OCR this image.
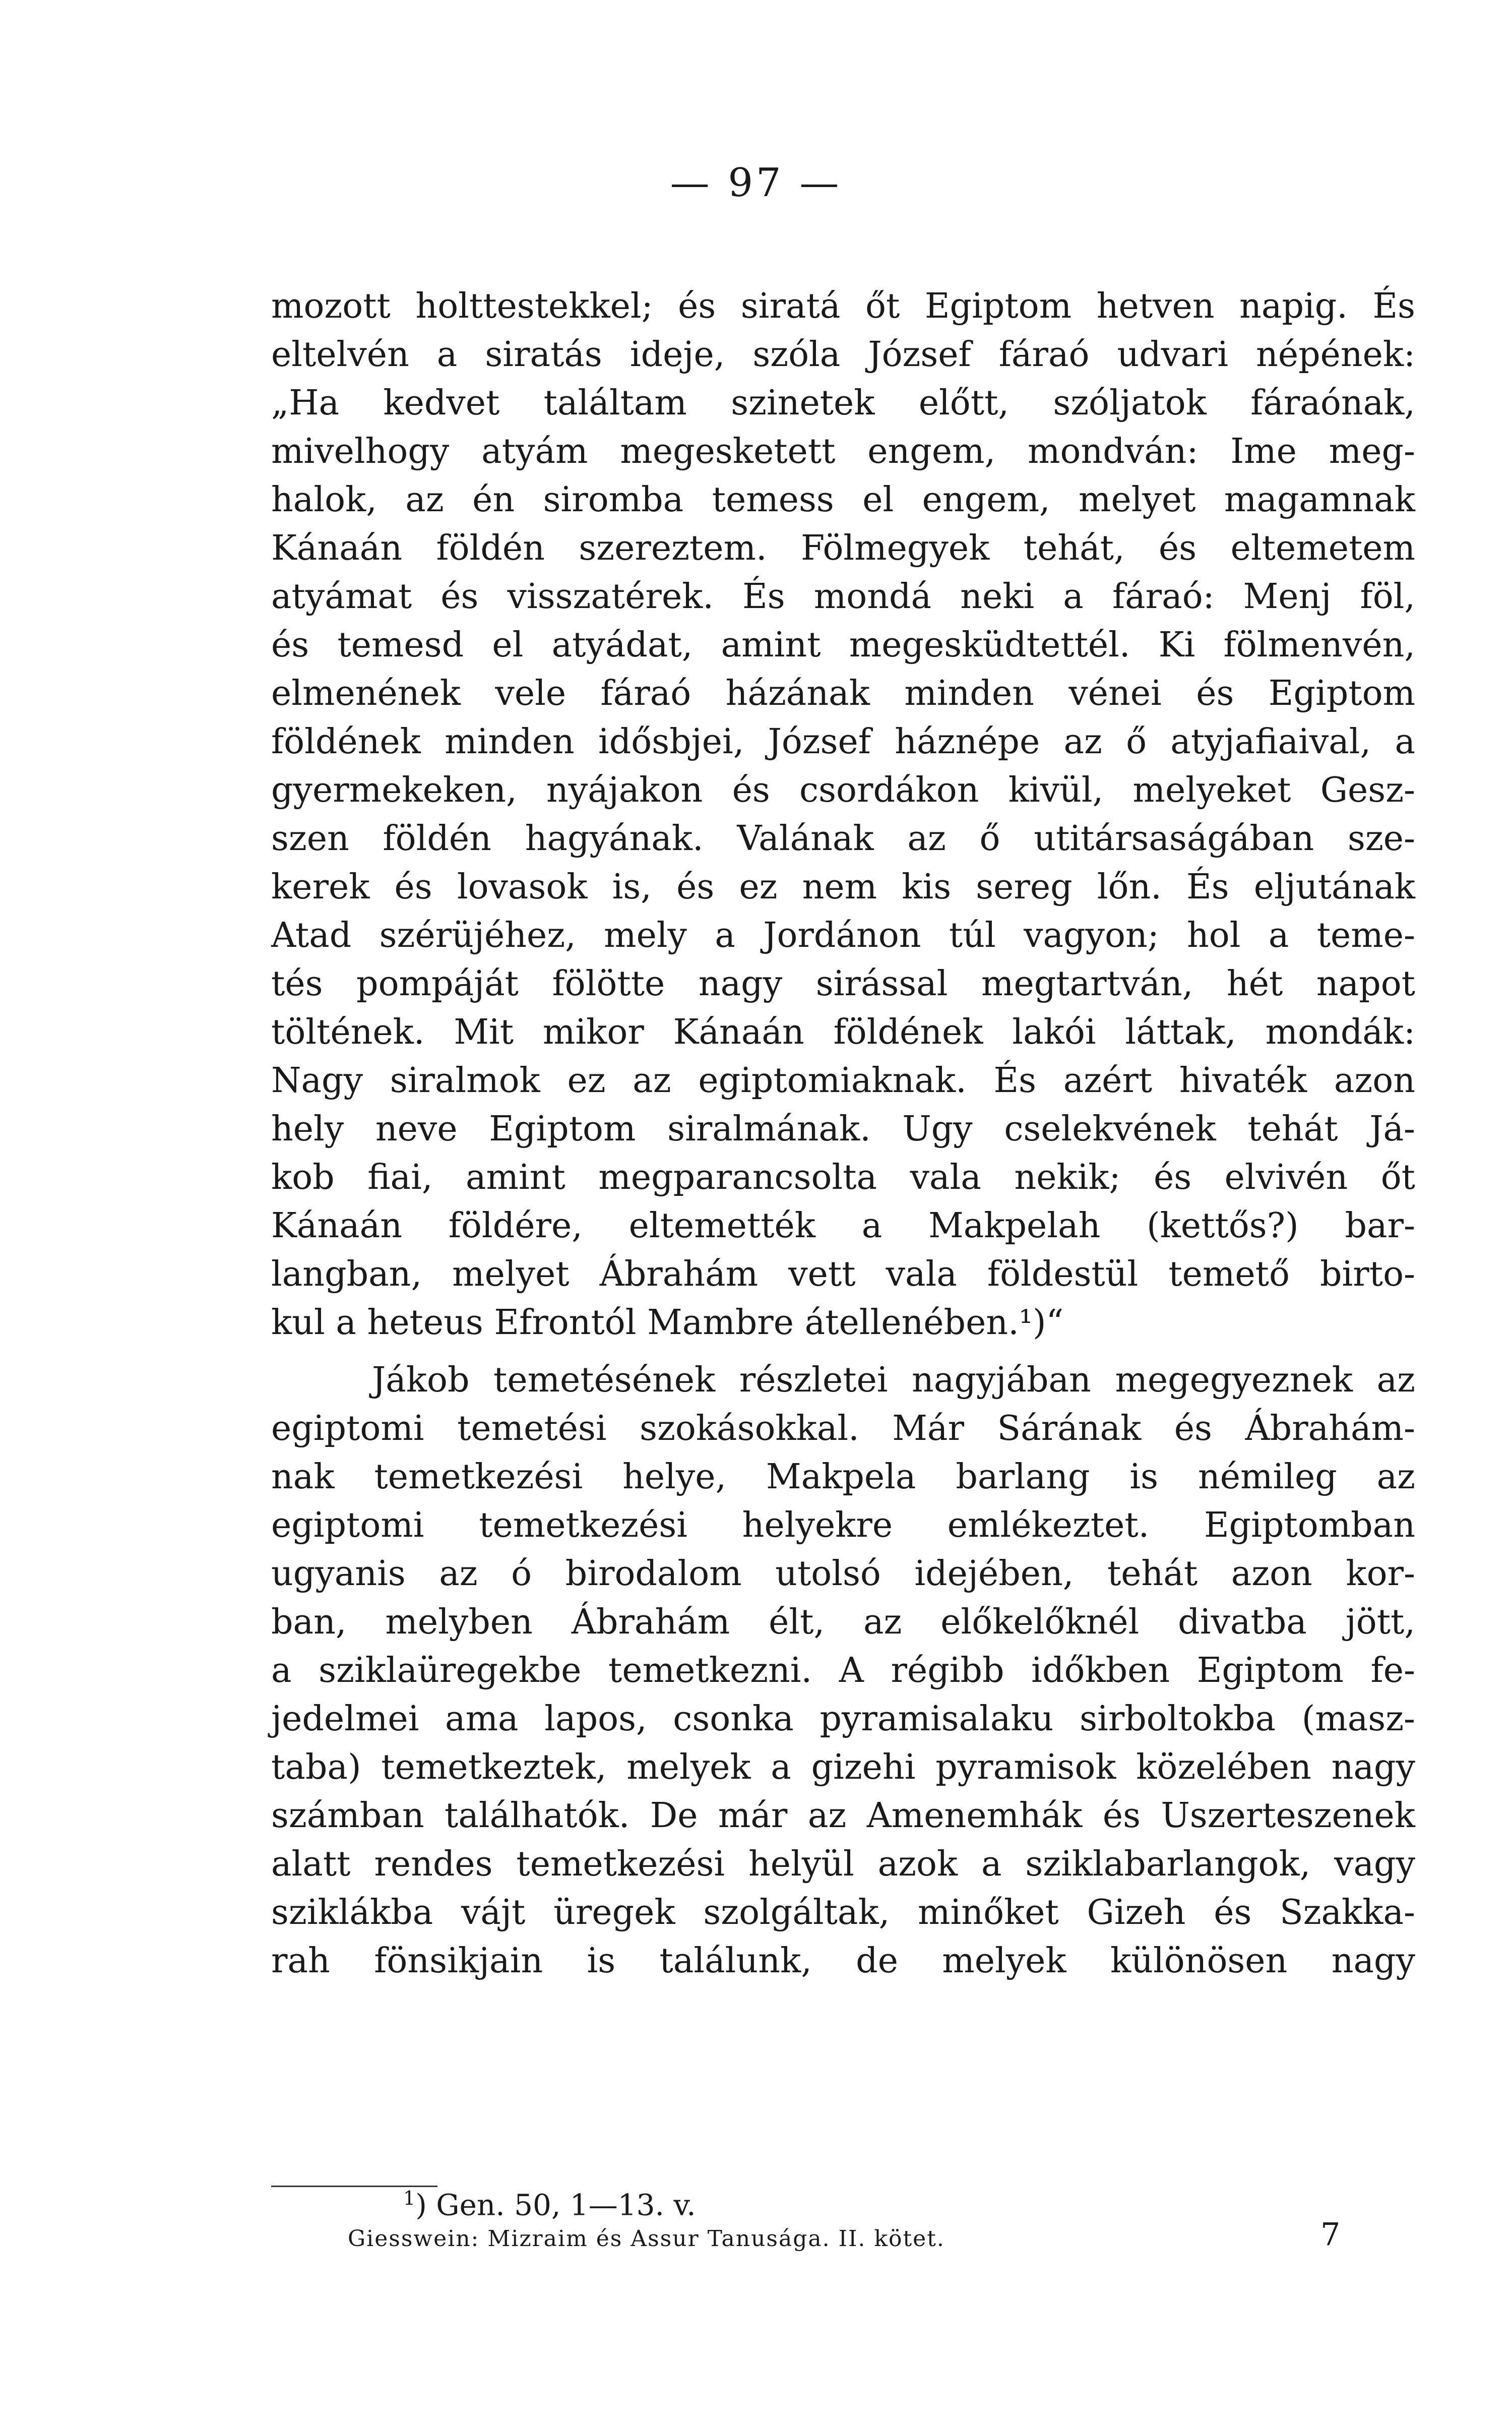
— 97 —
mozott holttestekkel; és siratá őt Egiptom hetven napig. És
eltelvén a siratás ideje, szóla József fáraó udvari népének:
„Ha kedvet találtam szinetek előtt, szóljatok fáraónak,
mivelhogy atyám megesketett engem, mondván: Ime meg-
halok, az én siromba temess el engem, melyet magamnak
Kánaán földén szereztem. Fölmegyek tehát, és eltemetem
atyámat és visszatérek. És mondá neki a fáraó: Menj föl,
és temesd el atyádat, amint megesküdtettél. Ki fölmenvén,
elmenének vele fáraó házának minden vénei és Egiptom
földének minden idősbjei, József háznépe az ő atyjafiaival, a
gyermekeken, nyájakon és csordákon kivül, melyeket Gesz-
szen földén hagyának. Valának az ő utitársaságában sze-
kerek és lovasok is, és ez nem kis sereg lőn. És eljutának
Atad szérüjéhez, mely a Jordánon túl vagyon; hol a teme-
tés pompáját fölötte nagy sirással megtartván, hét napot
töltének. Mit mikor Kánaán földének lakói láttak, mondák:
Nagy siralmok ez az egiptomiaknak. És azért hivaték azon
hely neve Egiptom siralmának. Ugy cselekvének tehát Já-
kob fiai, amint megparancsolta vala nekik; és elvivén őt
Kánaán földére, eltemették a Makpelah (kettős?) bar-
langban, melyet Ábrahám vett vala földestül temető birto-
kul a heteus Efrontól Mambre átellenében.¹)“
Jákob temetésének részletei nagyjában megegyeznek az
egiptomi temetési szokásokkal. Már Sárának és Ábrahám-
nak temetkezési helye, Makpela barlang is némileg az
egiptomi temetkezési helyekre emlékeztet. Egiptomban
ugyanis az ó birodalom utolsó idejében, tehát azon kor-
ban, melyben Ábrahám élt, az előkelőknél divatba jött,
a sziklaüregekbe temetkezni. A régibb időkben Egiptom fe-
jedelmei ama lapos, csonka pyramisalaku sirboltokba (masz-
taba) temetkeztek, melyek a gizehi pyramisok közelében nagy
számban találhatók. De már az Amenemhák és Uszerteszenek
alatt rendes temetkezési helyül azok a sziklabarlangok, vagy
sziklákba vájt üregek szolgáltak, minőket Gizeh és Szakka-
rah fönsikjain is találunk, de melyek különösen nagy
$^1$) Gen. 50, 1—13. v.
Giesswein: Mizraim és Assur Tanusága. II. kötet.	7
